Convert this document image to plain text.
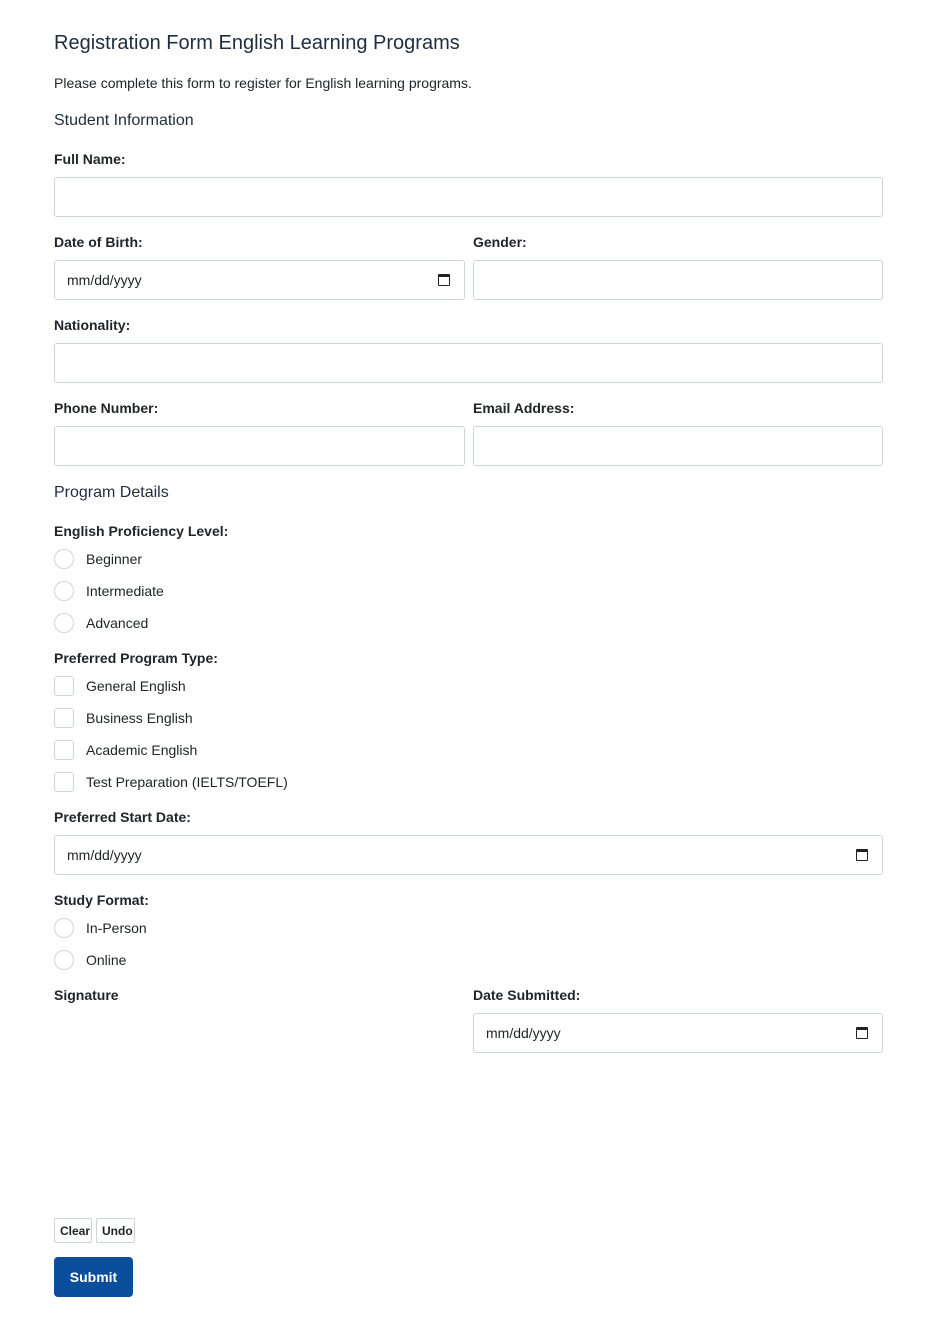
Registration Form English Learning Programs

Please complete this form to register for English learning programs.

Student Information
Full Name:
Date of Birth:
mm/dd/yyyy
Gender:
Nationality:
Phone Number:	Email Address:
Program Details
English Proficiency Level:
Beginner
Intermediate
Advanced
Preferred Program Type:
General English
Business English
Academic English
Test Preparation (IELTS/TOEFL)
Preferred Start Date:
mm/dd/yyyy
Study Format:
In-Person
Online
Signature	Date Submitted:
mm/dd/yyyy
Clear Undo
Submit
